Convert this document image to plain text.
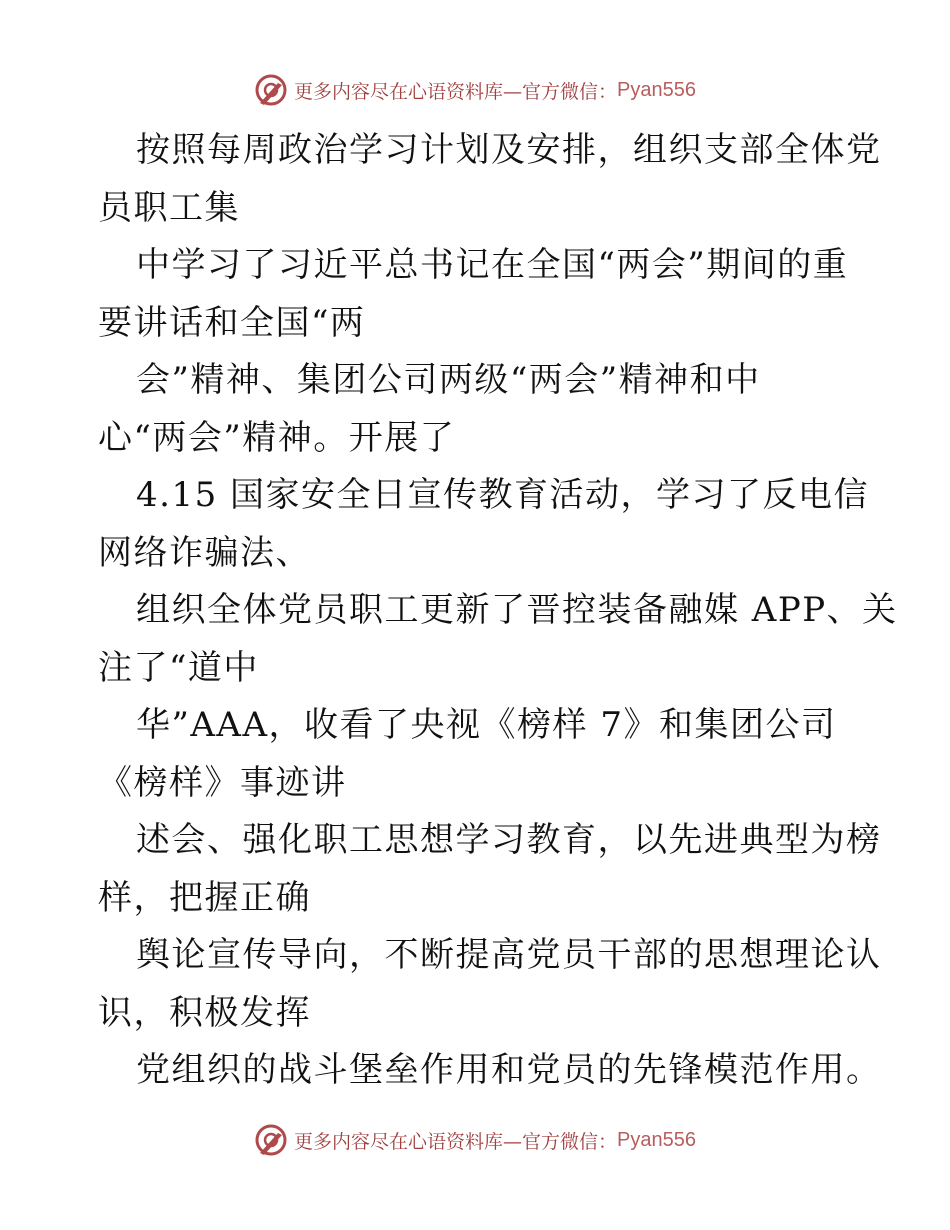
更多内容尽在心语资料库—官方微信： Pyan556
按照每周政治学习计划及安排，组织支部全体党
员职工集
中学习了习近平总书记在全国“两会”期间的重
要讲话和全国“两
会”精神、集团公司两级“两会”精神和中
心“两会”精神。开展了
4.15 国家安全日宣传教育活动，学习了反电信
网络诈骗法、
组织全体党员职工更新了晋控装备融媒 APP、关
注了“道中
华”AAA，收看了央视《榜样 7》和集团公司
《榜样》事迹讲
述会、强化职工思想学习教育，以先进典型为榜
样，把握正确
舆论宣传导向，不断提高党员干部的思想理论认
识，积极发挥
党组织的战斗堡垒作用和党员的先锋模范作用。
更多内容尽在心语资料库—官方微信： Pyan556
